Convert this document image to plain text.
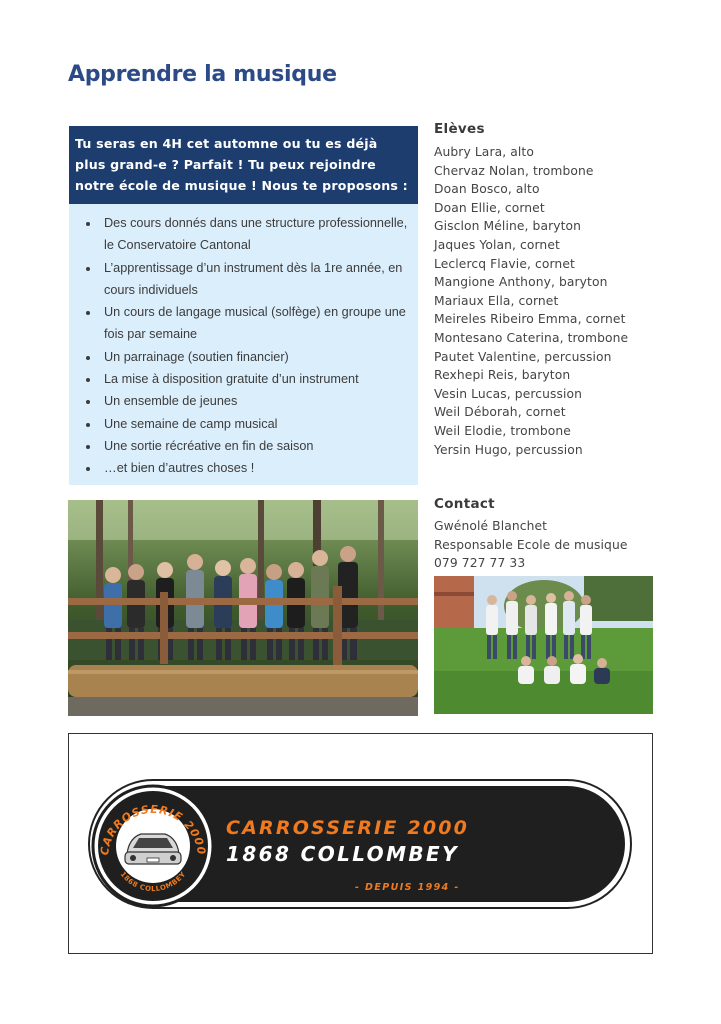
Apprendre la musique

Tu seras en 4H cet automne ou tu es déjà plus grand-e ? Parfait ! Tu peux rejoindre notre école de musique ! Nous te proposons :

• Des cours donnés dans une structure professionnelle, le Conservatoire Cantonal
• L’apprentissage d’un instrument dès la 1re année, en cours individuels
• Un cours de langage musical (solfège) en groupe une fois par semaine
• Un parrainage (soutien financier)
• La mise à disposition gratuite d’un instrument
• Un ensemble de jeunes
• Une semaine de camp musical
• Une sortie récréative en fin de saison
• …et bien d’autres choses !
Elèves
Aubry Lara, alto
Chervaz Nolan, trombone
Doan Bosco, alto
Doan Ellie, cornet
Gisclon Méline, baryton
Jaques Yolan, cornet
Leclercq Flavie, cornet
Mangione Anthony, baryton
Mariaux Ella, cornet
Meireles Ribeiro Emma, cornet
Montesano Caterina, trombone
Pautet Valentine, percussion
Rexhepi Reis, baryton
Vesin Lucas, percussion
Weil Déborah, cornet
Weil Elodie, trombone
Yersin Hugo, percussion
Contact
Gwénolé Blanchet
Responsable Ecole de musique
079 727 77 33
CARROSSERIE 2000
1868 COLLOMBEY
CARROSSERIE 2000
1868 COLLOMBEY
- DEPUIS 1994 -
